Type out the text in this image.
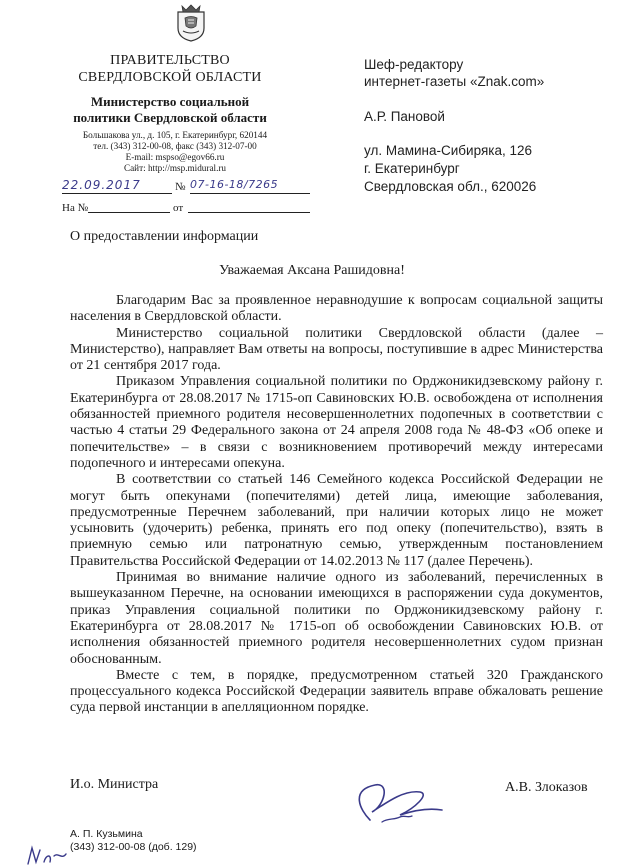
ПРАВИТЕЛЬСТВО
СВЕРДЛОВСКОЙ ОБЛАСТИ
Министерство социальной
политики Свердловской области
Большакова ул., д. 105, г. Екатеринбург, 620144
тел. (343) 312-00-08, факс (343) 312-07-00
E-mail: mspso@egov66.ru
Сайт: http://msp.midural.ru
22.09.2017	№ 07-16-18/7265
На №	от
Шеф-редактору
интернет-газеты «Znak.com»
А.Р. Пановой
ул. Мамина-Сибиряка, 126
г. Екатеринбург
Свердловская обл., 620026
О предоставлении информации
Уважаемая Аксана Рашидовна!

Благодарим Вас за проявленное неравнодушие к вопросам социальной защиты населения в Свердловской области.

Министерство социальной политики Свердловской области (далее – Министерство), направляет Вам ответы на вопросы, поступившие в адрес Министерства от 21 сентября 2017 года.

Приказом Управления социальной политики по Орджоникидзевскому району г. Екатеринбурга от 28.08.2017 № 1715-оп Савиновских Ю.В. освобождена от исполнения обязанностей приемного родителя несовершеннолетних подопечных в соответствии с частью 4 статьи 29 Федерального закона от 24 апреля 2008 года № 48-ФЗ «Об опеке и попечительстве» – в связи с возникновением противоречий между интересами подопечного и интересами опекуна.

В соответствии со статьей 146 Семейного кодекса Российской Федерации не могут быть опекунами (попечителями) детей лица, имеющие заболевания, предусмотренные Перечнем заболеваний, при наличии которых лицо не может усыновить (удочерить) ребенка, принять его под опеку (попечительство), взять в приемную семью или патронатную семью, утвержденным постановлением Правительства Российской Федерации от 14.02.2013 № 117 (далее Перечень).

Принимая во внимание наличие одного из заболеваний, перечисленных в вышеуказанном Перечне, на основании имеющихся в распоряжении суда документов, приказ Управления социальной политики по Орджоникидзевскому району г. Екатеринбурга от 28.08.2017 № 1715-оп об освобождении Савиновских Ю.В. от исполнения обязанностей приемного родителя несовершеннолетних судом признан обоснованным.

Вместе с тем, в порядке, предусмотренном статьей 320 Гражданского процессуального кодекса Российской Федерации заявитель вправе обжаловать решение суда первой инстанции в апелляционном порядке.

И.о. Министра	А.В. Злоказов
А. П. Кузьмина
(343) 312-00-08 (доб. 129)
